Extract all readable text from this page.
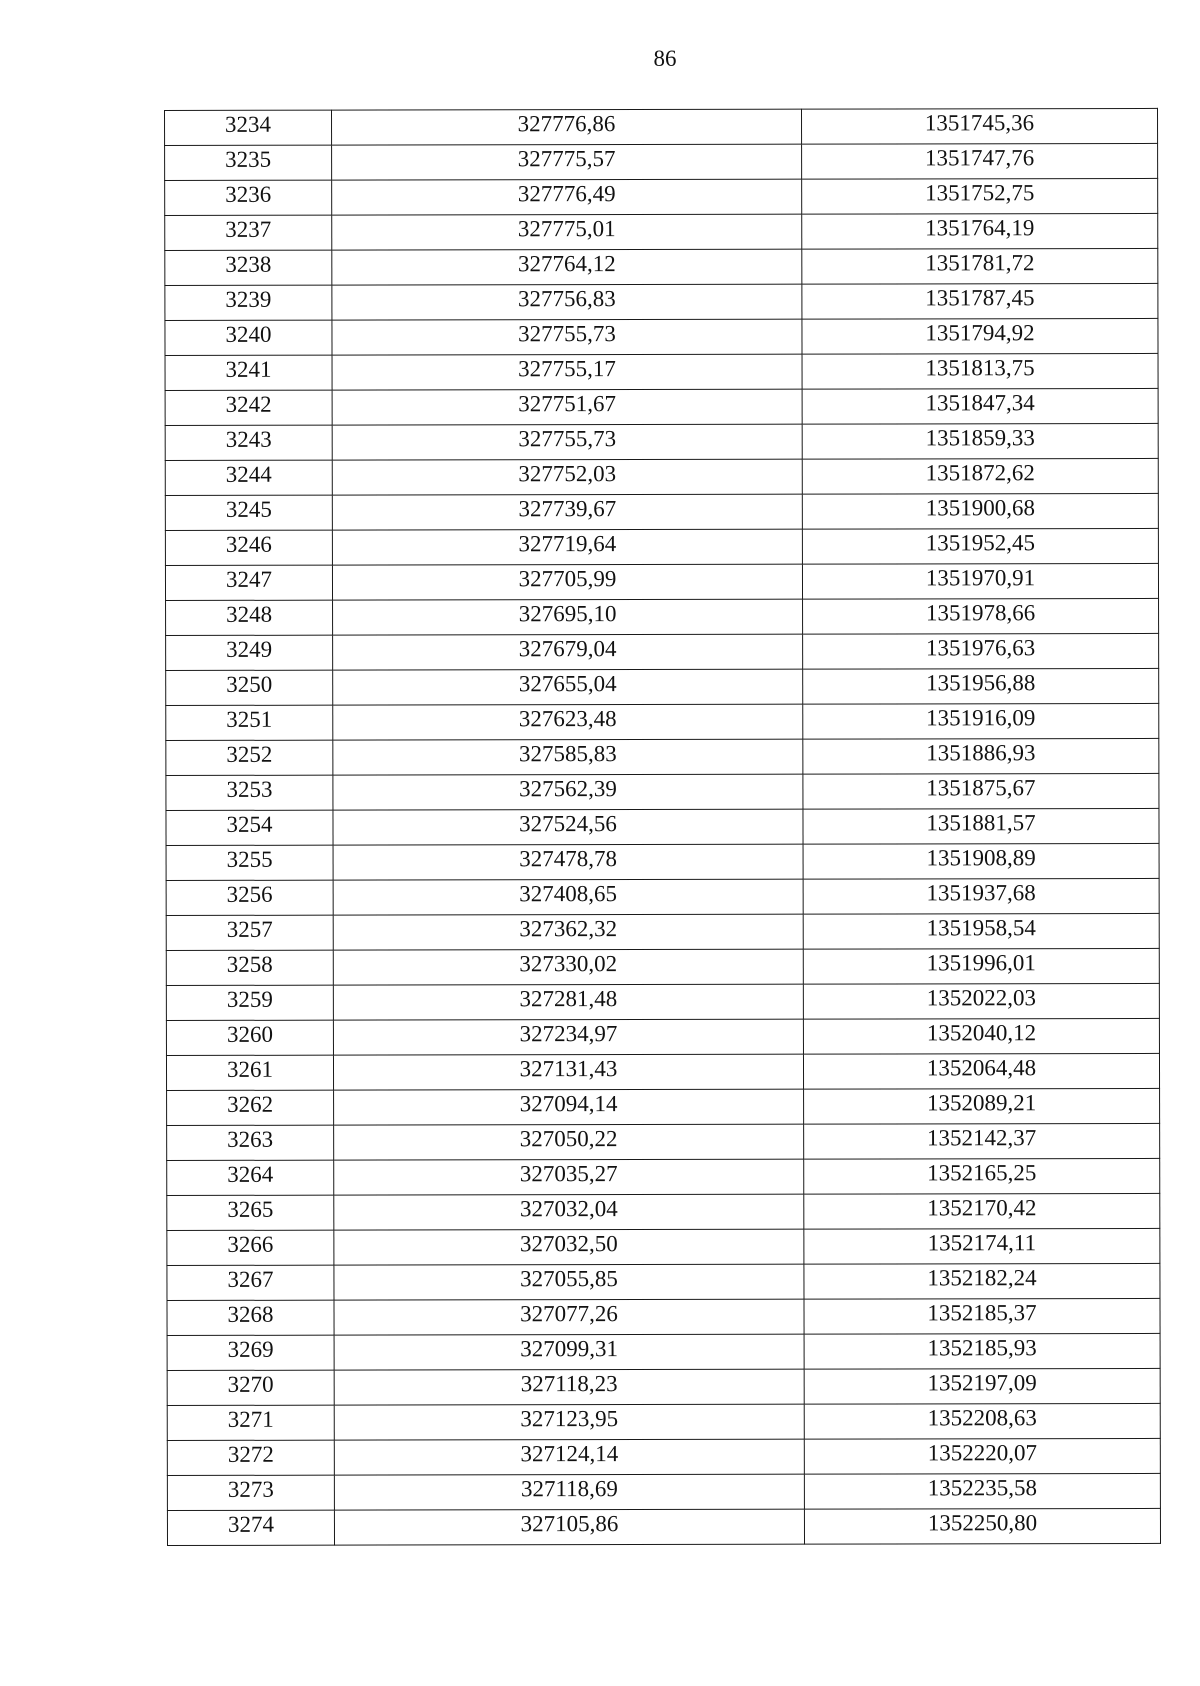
86
3234	327776,86	1351745,36
3235	327775,57	1351747,76
3236	327776,49	1351752,75
3237	327775,01	1351764,19
3238	327764,12	1351781,72
3239	327756,83	1351787,45
3240	327755,73	1351794,92
3241	327755,17	1351813,75
3242	327751,67	1351847,34
3243	327755,73	1351859,33
3244	327752,03	1351872,62
3245	327739,67	1351900,68
3246	327719,64	1351952,45
3247	327705,99	1351970,91
3248	327695,10	1351978,66
3249	327679,04	1351976,63
3250	327655,04	1351956,88
3251	327623,48	1351916,09
3252	327585,83	1351886,93
3253	327562,39	1351875,67
3254	327524,56	1351881,57
3255	327478,78	1351908,89
3256	327408,65	1351937,68
3257	327362,32	1351958,54
3258	327330,02	1351996,01
3259	327281,48	1352022,03
3260	327234,97	1352040,12
3261	327131,43	1352064,48
3262	327094,14	1352089,21
3263	327050,22	1352142,37
3264	327035,27	1352165,25
3265	327032,04	1352170,42
3266	327032,50	1352174,11
3267	327055,85	1352182,24
3268	327077,26	1352185,37
3269	327099,31	1352185,93
3270	327118,23	1352197,09
3271	327123,95	1352208,63
3272	327124,14	1352220,07
3273	327118,69	1352235,58
3274	327105,86	1352250,80
